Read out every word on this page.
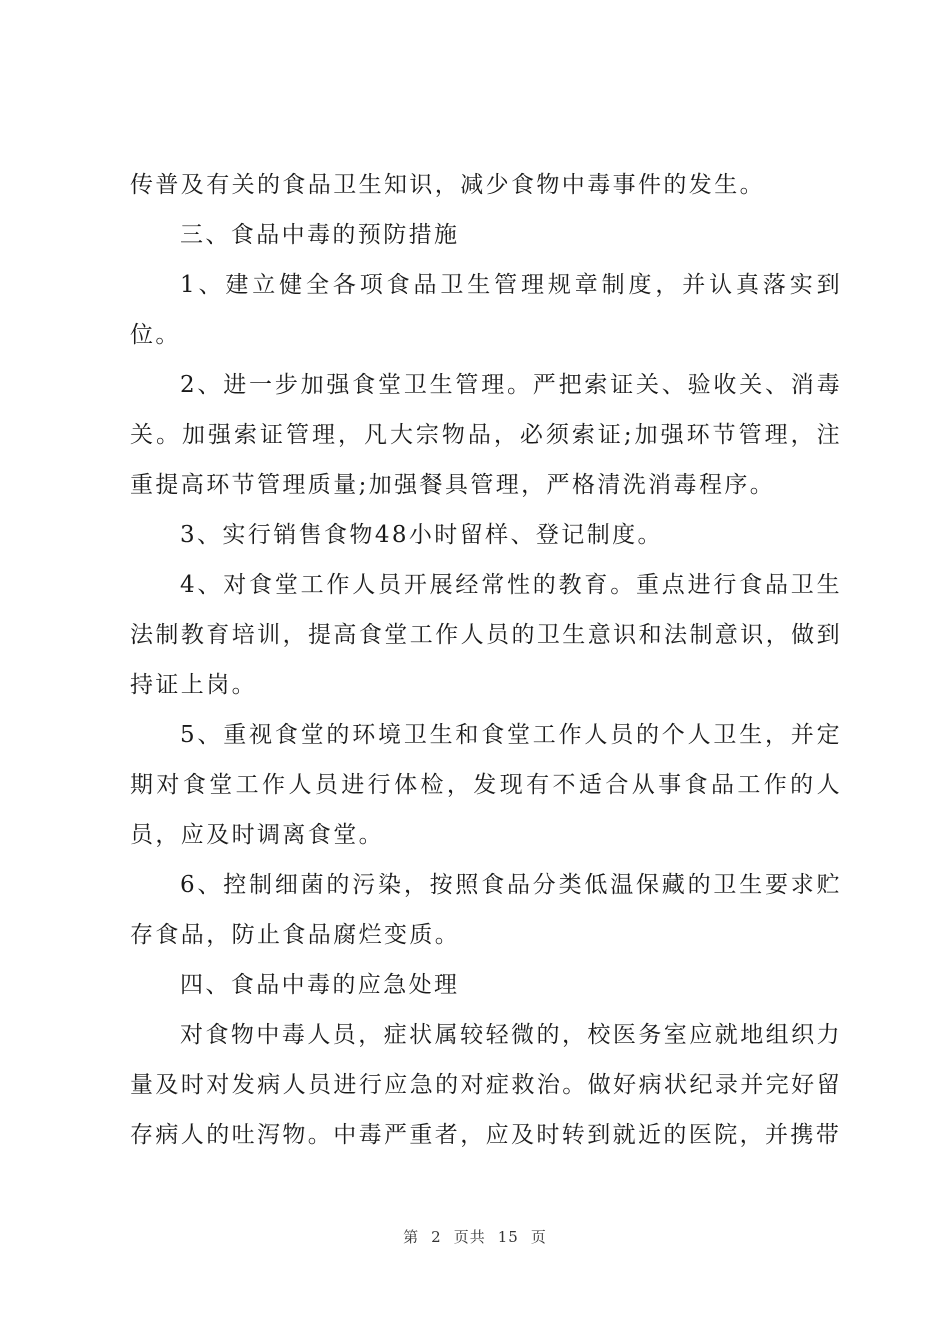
传普及有关的食品卫生知识，减少食物中毒事件的发生。

三、食品中毒的预防措施

1、建立健全各项食品卫生管理规章制度，并认真落实到位。

2、进一步加强食堂卫生管理。严把索证关、验收关、消毒关。加强索证管理，凡大宗物品，必须索证;加强环节管理，注重提高环节管理质量;加强餐具管理，严格清洗消毒程序。

3、实行销售食物48小时留样、登记制度。

4、对食堂工作人员开展经常性的教育。重点进行食品卫生法制教育培训，提高食堂工作人员的卫生意识和法制意识，做到持证上岗。

5、重视食堂的环境卫生和食堂工作人员的个人卫生，并定期对食堂工作人员进行体检，发现有不适合从事食品工作的人员，应及时调离食堂。

6、控制细菌的污染，按照食品分类低温保藏的卫生要求贮存食品，防止食品腐烂变质。

四、食品中毒的应急处理

对食物中毒人员，症状属较轻微的，校医务室应就地组织力量及时对发病人员进行应急的对症救治。做好病状纪录并完好留存病人的吐泻物。中毒严重者，应及时转到就近的医院，并携带

第 2 页共 15 页
